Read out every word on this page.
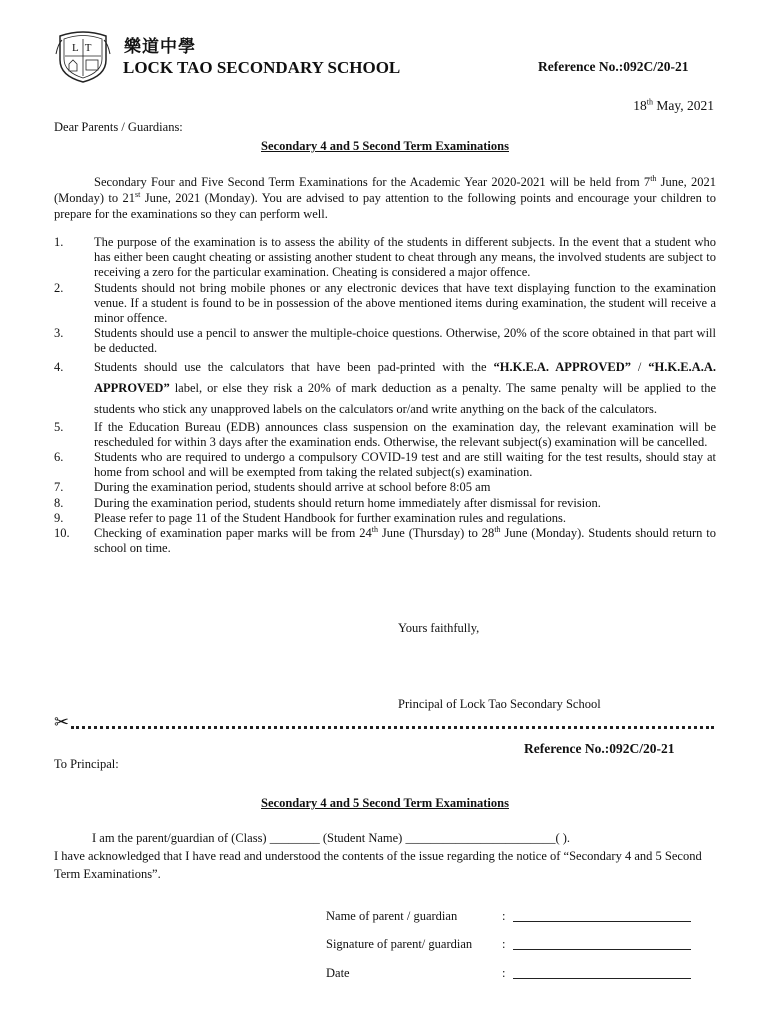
LT 樂道中學
LOCK TAO SECONDARY SCHOOL	Reference No.:092C/20-21
18th May, 2021
Dear Parents / Guardians:
Secondary 4 and 5 Second Term Examinations
Secondary Four and Five Second Term Examinations for the Academic Year 2020-2021 will be held from 7th June, 2021 (Monday) to 21st June, 2021 (Monday). You are advised to pay attention to the following points and encourage your children to prepare for the examinations so they can perform well.
1. The purpose of the examination is to assess the ability of the students in different subjects. In the event that a student who has either been caught cheating or assisting another student to cheat through any means, the involved students are subject to receiving a zero for the particular examination. Cheating is considered a major offence.
2. Students should not bring mobile phones or any electronic devices that have text displaying function to the examination venue. If a student is found to be in possession of the above mentioned items during examination, the student will receive a minor offence.
3. Students should use a pencil to answer the multiple-choice questions. Otherwise, 20% of the score obtained in that part will be deducted.
4. Students should use the calculators that have been pad-printed with the “H.K.E.A. APPROVED” / “H.K.E.A.A. APPROVED” label, or else they risk a 20% of mark deduction as a penalty. The same penalty will be applied to the students who stick any unapproved labels on the calculators or/and write anything on the back of the calculators.
5. If the Education Bureau (EDB) announces class suspension on the examination day, the relevant examination will be rescheduled for within 3 days after the examination ends. Otherwise, the relevant subject(s) examination will be cancelled.
6. Students who are required to undergo a compulsory COVID-19 test and are still waiting for the test results, should stay at home from school and will be exempted from taking the related subject(s) examination.
7. During the examination period, students should arrive at school before 8:05 am
8. During the examination period, students should return home immediately after dismissal for revision.
9. Please refer to page 11 of the Student Handbook for further examination rules and regulations.
10. Checking of examination paper marks will be from 24th June (Thursday) to 28th June (Monday). Students should return to school on time.
Yours faithfully,
Principal of Lock Tao Secondary School
✂
Reference No.:092C/20-21
To Principal:
Secondary 4 and 5 Second Term Examinations
I am the parent/guardian of (Class) ________ (Student Name) ________________________( ).
I have acknowledged that I have read and understood the contents of the issue regarding the notice of “Secondary 4 and 5 Second Term Examinations”.
Name of parent / guardian	:
Signature of parent/ guardian :
Date	:
